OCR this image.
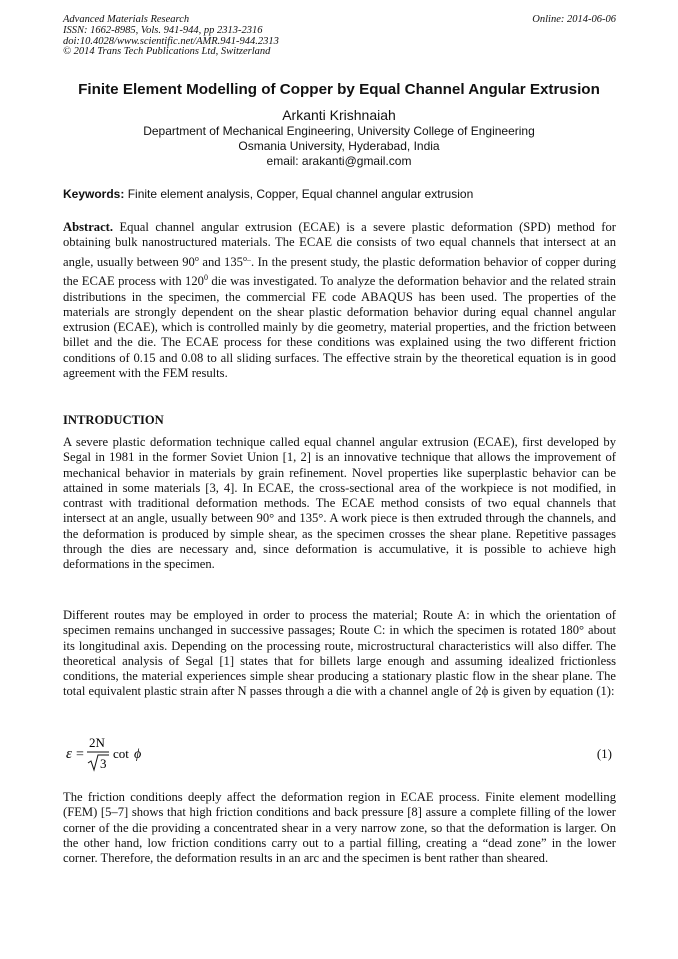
Advanced Materials Research
ISSN: 1662-8985, Vols. 941-944, pp 2313-2316
doi:10.4028/www.scientific.net/AMR.941-944.2313
© 2014 Trans Tech Publications Ltd, Switzerland
Online: 2014-06-06
Finite Element Modelling of Copper by Equal Channel Angular Extrusion
Arkanti Krishnaiah
Department of Mechanical Engineering, University College of Engineering
Osmania University, Hyderabad, India
email: arakanti@gmail.com
Keywords: Finite element analysis, Copper, Equal channel angular extrusion

Abstract. Equal channel angular extrusion (ECAE) is a severe plastic deformation (SPD) method for obtaining bulk nanostructured materials. The ECAE die consists of two equal channels that intersect at an angle, usually between 90$^o$ and $135^{o..}$. In the present study, the plastic deformation behavior of copper during the ECAE process with $120^0$ die was investigated. To analyze the deformation behavior and the related strain distributions in the specimen, the commercial FE code ABAQUS has been used. The properties of the materials are strongly dependent on the shear plastic deformation behavior during equal channel angular extrusion (ECAE), which is controlled mainly by die geometry, material properties, and the friction between billet and the die. The ECAE process for these conditions was explained using the two different friction conditions of 0.15 and 0.08 to all sliding surfaces. The effective strain by the theoretical equation is in good agreement with the FEM results.

INTRODUCTION

A severe plastic deformation technique called equal channel angular extrusion (ECAE), first developed by Segal in 1981 in the former Soviet Union [1, 2] is an innovative technique that allows the improvement of mechanical behavior in materials by grain refinement. Novel properties like superplastic behavior can be attained in some materials [3, 4]. In ECAE, the cross-sectional area of the workpiece is not modified, in contrast with traditional deformation methods. The ECAE method consists of two equal channels that intersect at an angle, usually between 90° and 135°. A work piece is then extruded through the channels, and the deformation is produced by simple shear, as the specimen crosses the shear plane. Repetitive passages through the dies are necessary and, since deformation is accumulative, it is possible to achieve high deformations in the specimen.

Different routes may be employed in order to process the material; Route A: in which the orientation of specimen remains unchanged in successive passages; Route C: in which the specimen is rotated 180° about its longitudinal axis. Depending on the processing route, microstructural characteristics will also differ. The theoretical analysis of Segal [1] states that for billets large enough and assuming idealized frictionless conditions, the material experiences simple shear producing a stationary plastic flow in the shear plane. The total equivalent plastic strain after N passes through a die with a channel angle of 2ϕ is given by equation (1):

ε =
2N
3
cot ϕ	(1)

The friction conditions deeply affect the deformation region in ECAE process. Finite element modelling (FEM) [5–7] shows that high friction conditions and back pressure [8] assure a complete filling of the lower corner of the die providing a concentrated shear in a very narrow zone, so that the deformation is larger. On the other hand, low friction conditions carry out to a partial filling, creating a “dead zone” in the lower corner. Therefore, the deformation results in an arc and the specimen is bent rather than sheared.
